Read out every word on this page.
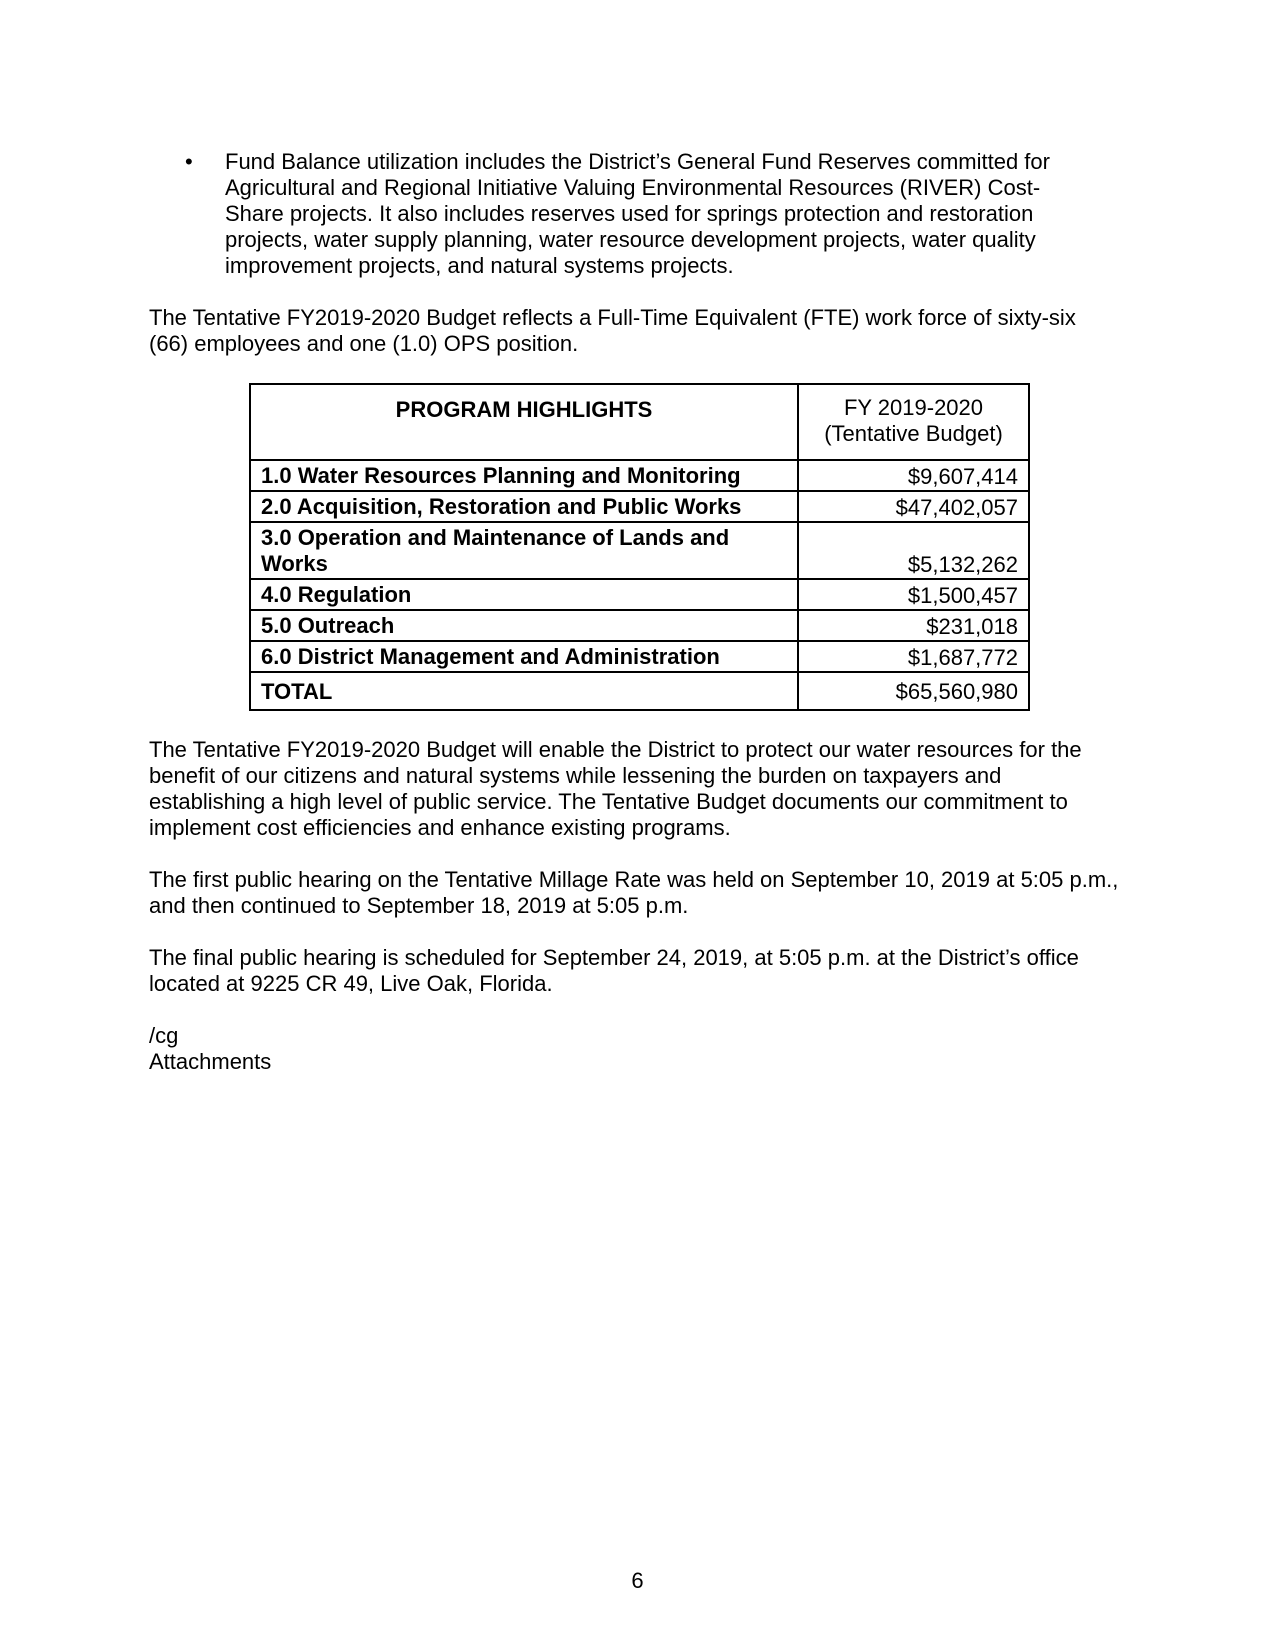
• Fund Balance utilization includes the District’s General Fund Reserves committed for Agricultural and Regional Initiative Valuing Environmental Resources (RIVER) Cost-Share projects. It also includes reserves used for springs protection and restoration projects, water supply planning, water resource development projects, water quality improvement projects, and natural systems projects.

The Tentative FY2019-2020 Budget reflects a Full-Time Equivalent (FTE) work force of sixty-six (66) employees and one (1.0) OPS position.

PROGRAM HIGHLIGHTS	FY 2019-2020
(Tentative Budget)

1.0 Water Resources Planning and Monitoring	$9,607,414
2.0 Acquisition, Restoration and Public Works	$47,402,057
3.0 Operation and Maintenance of Lands and Works	$5,132,262
4.0 Regulation	$1,500,457
5.0 Outreach	$231,018
6.0 District Management and Administration	$1,687,772
TOTAL	$65,560,980

The Tentative FY2019-2020 Budget will enable the District to protect our water resources for the benefit of our citizens and natural systems while lessening the burden on taxpayers and establishing a high level of public service. The Tentative Budget documents our commitment to implement cost efficiencies and enhance existing programs.

The first public hearing on the Tentative Millage Rate was held on September 10, 2019 at 5:05 p.m., and then continued to September 18, 2019 at 5:05 p.m.

The final public hearing is scheduled for September 24, 2019, at 5:05 p.m. at the District’s office located at 9225 CR 49, Live Oak, Florida.

/cg
Attachments
6
